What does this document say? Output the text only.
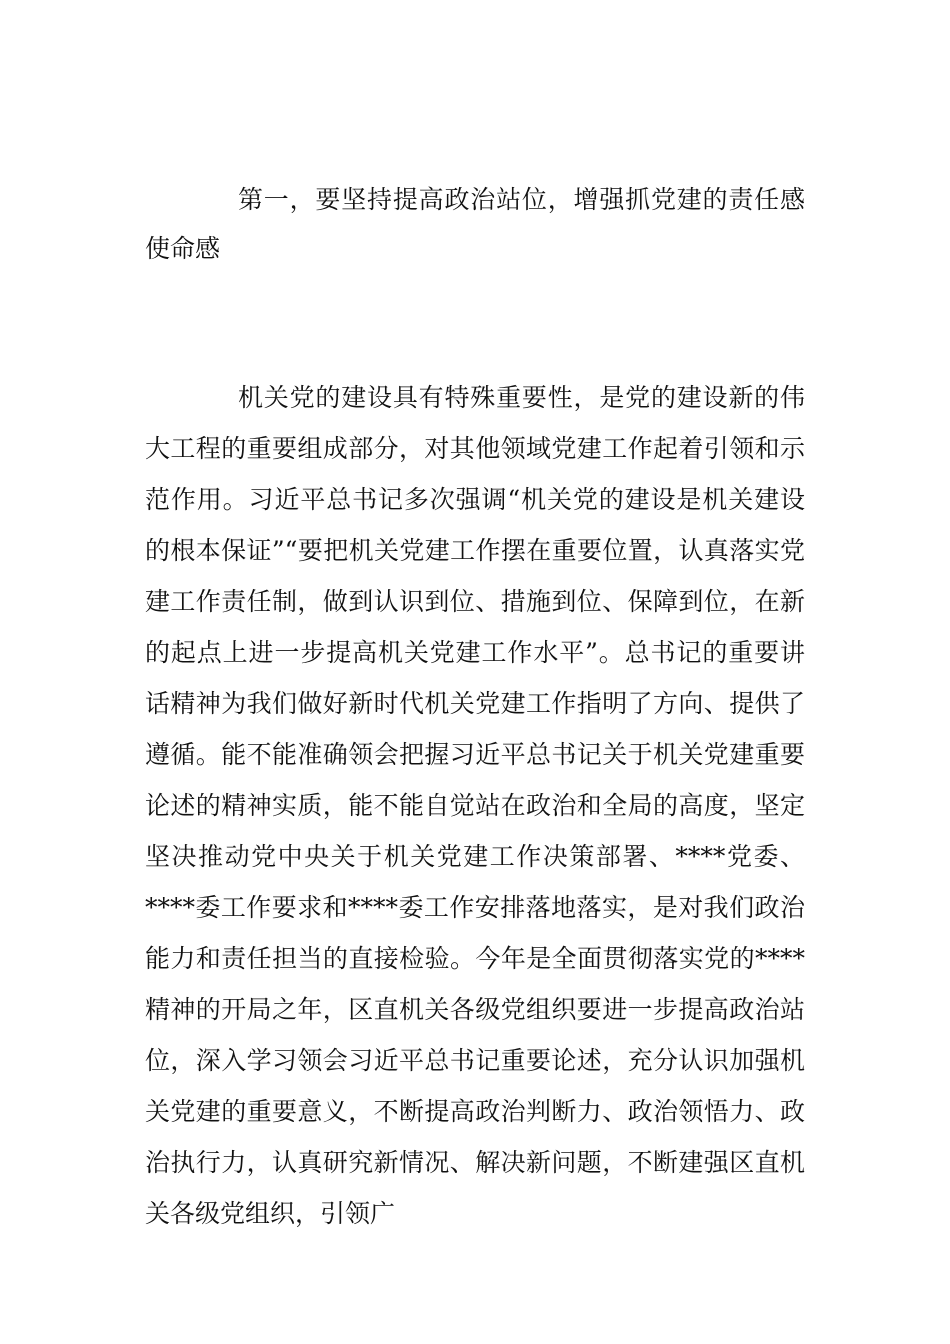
第一，要坚持提高政治站位，增强抓党建的责任感使命感

机关党的建设具有特殊重要性，是党的建设新的伟大工程的重要组成部分，对其他领域党建工作起着引领和示范作用。习近平总书记多次强调“机关党的建设是机关建设的根本保证”“要把机关党建工作摆在重要位置，认真落实党建工作责任制，做到认识到位、措施到位、保障到位，在新的起点上进一步提高机关党建工作水平”。总书记的重要讲话精神为我们做好新时代机关党建工作指明了方向、提供了遵循。能不能准确领会把握习近平总书记关于机关党建重要论述的精神实质，能不能自觉站在政治和全局的高度，坚定坚决推动党中央关于机关党建工作决策部署、****党委、****委工作要求和****委工作安排落地落实，是对我们政治能力和责任担当的直接检验。今年是全面贯彻落实党的****精神的开局之年，区直机关各级党组织要进一步提高政治站位，深入学习领会习近平总书记重要论述，充分认识加强机关党建的重要意义，不断提高政治判断力、政治领悟力、政治执行力，认真研究新情况、解决新问题，不断建强区直机关各级党组织，引领广
